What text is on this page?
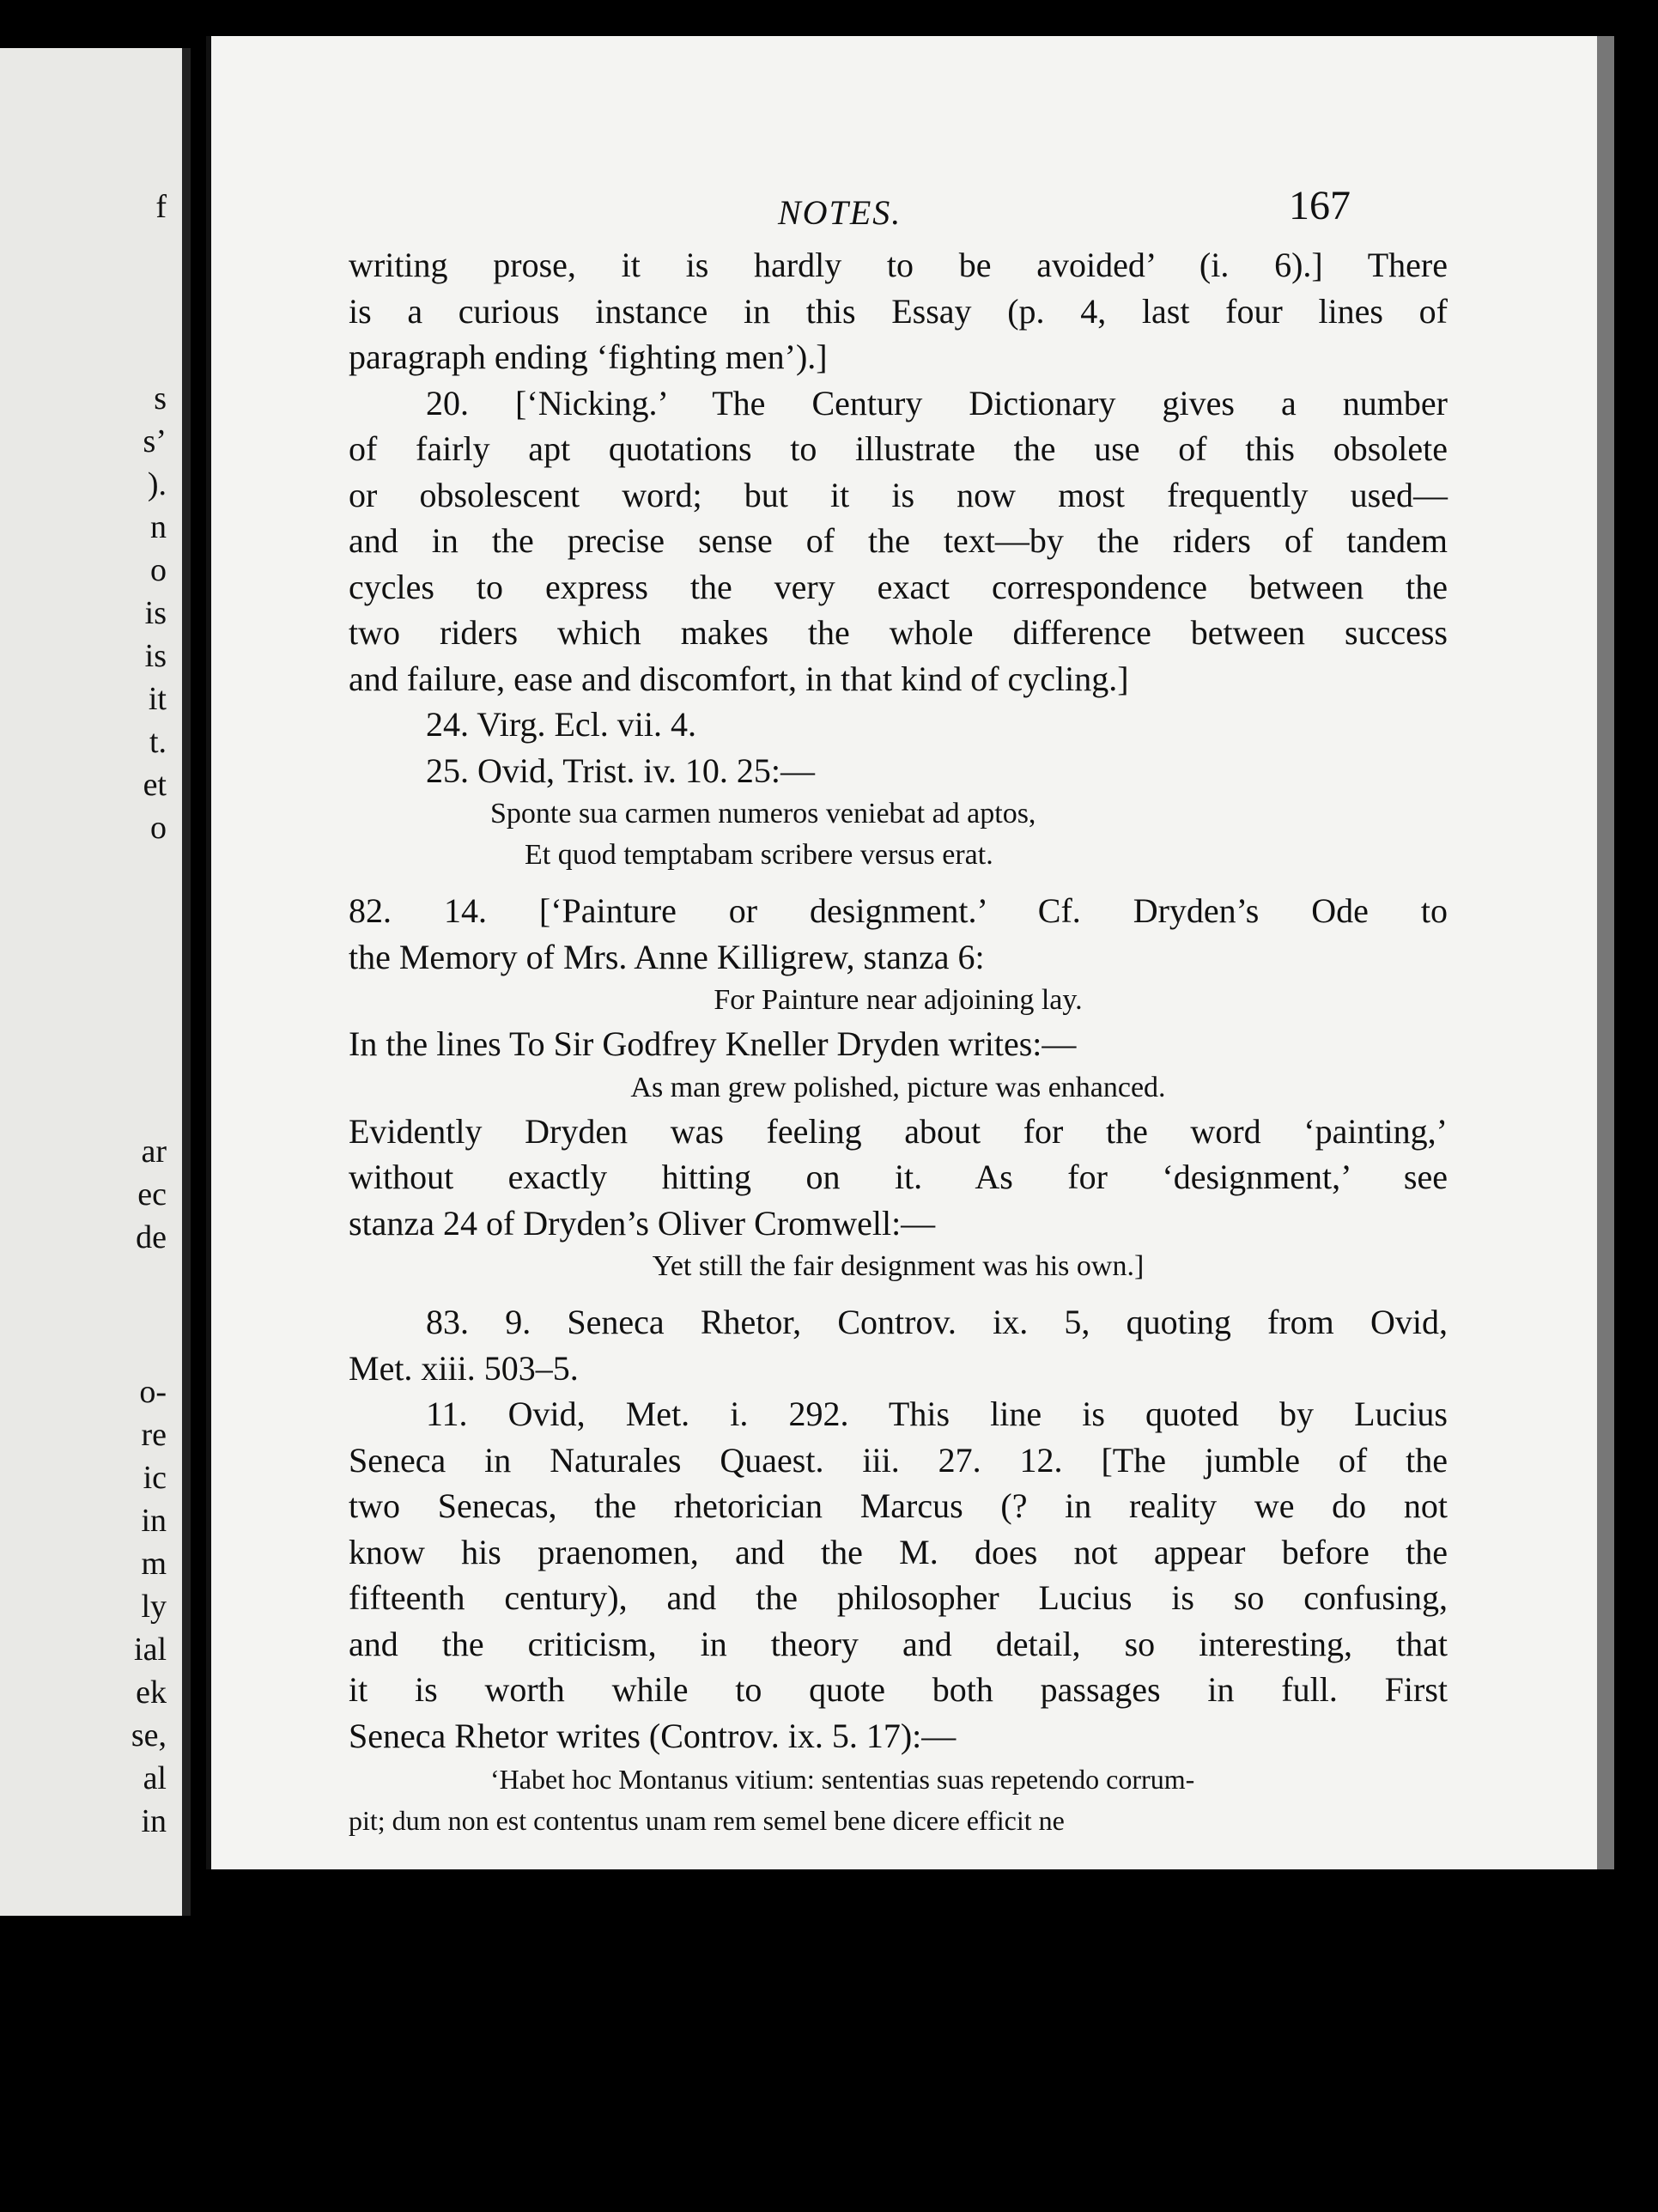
f
s
s’
).
n
o
is
is
it
t.
et
o
ar
ec
de
o-
re
ic
in
m
ly
ial
ek
se,
al
in
NOTES.	167
writing prose, it is hardly to be avoided’ (i. 6).] There
is a curious instance in this Essay (p. 4, last four lines of
paragraph ending ‘fighting men’).]
20. [‘Nicking.’ The Century Dictionary gives a number
of fairly apt quotations to illustrate the use of this obsolete
or obsolescent word; but it is now most frequently used—
and in the precise sense of the text—by the riders of tandem
cycles to express the very exact correspondence between the
two riders which makes the whole difference between success
and failure, ease and discomfort, in that kind of cycling.]
24. Virg. Ecl. vii. 4.
25. Ovid, Trist. iv. 10. 25:—
Sponte sua carmen numeros veniebat ad aptos,
Et quod temptabam scribere versus erat.
82. 14. [‘Painture or designment.’ Cf. Dryden’s Ode to
the Memory of Mrs. Anne Killigrew, stanza 6:
For Painture near adjoining lay.
In the lines To Sir Godfrey Kneller Dryden writes:—
As man grew polished, picture was enhanced.
Evidently Dryden was feeling about for the word ‘painting,’
without exactly hitting on it. As for ‘designment,’ see
stanza 24 of Dryden’s Oliver Cromwell:—
Yet still the fair designment was his own.]
83. 9. Seneca Rhetor, Controv. ix. 5, quoting from Ovid,
Met. xiii. 503–5.
11. Ovid, Met. i. 292. This line is quoted by Lucius
Seneca in Naturales Quaest. iii. 27. 12. [The jumble of the
two Senecas, the rhetorician Marcus (? in reality we do not
know his praenomen, and the M. does not appear before the
fifteenth century), and the philosopher Lucius is so confusing,
and the criticism, in theory and detail, so interesting, that
it is worth while to quote both passages in full. First
Seneca Rhetor writes (Controv. ix. 5. 17):—
‘Habet hoc Montanus vitium: sententias suas repetendo corrum-
pit; dum non est contentus unam rem semel bene dicere efficit ne
